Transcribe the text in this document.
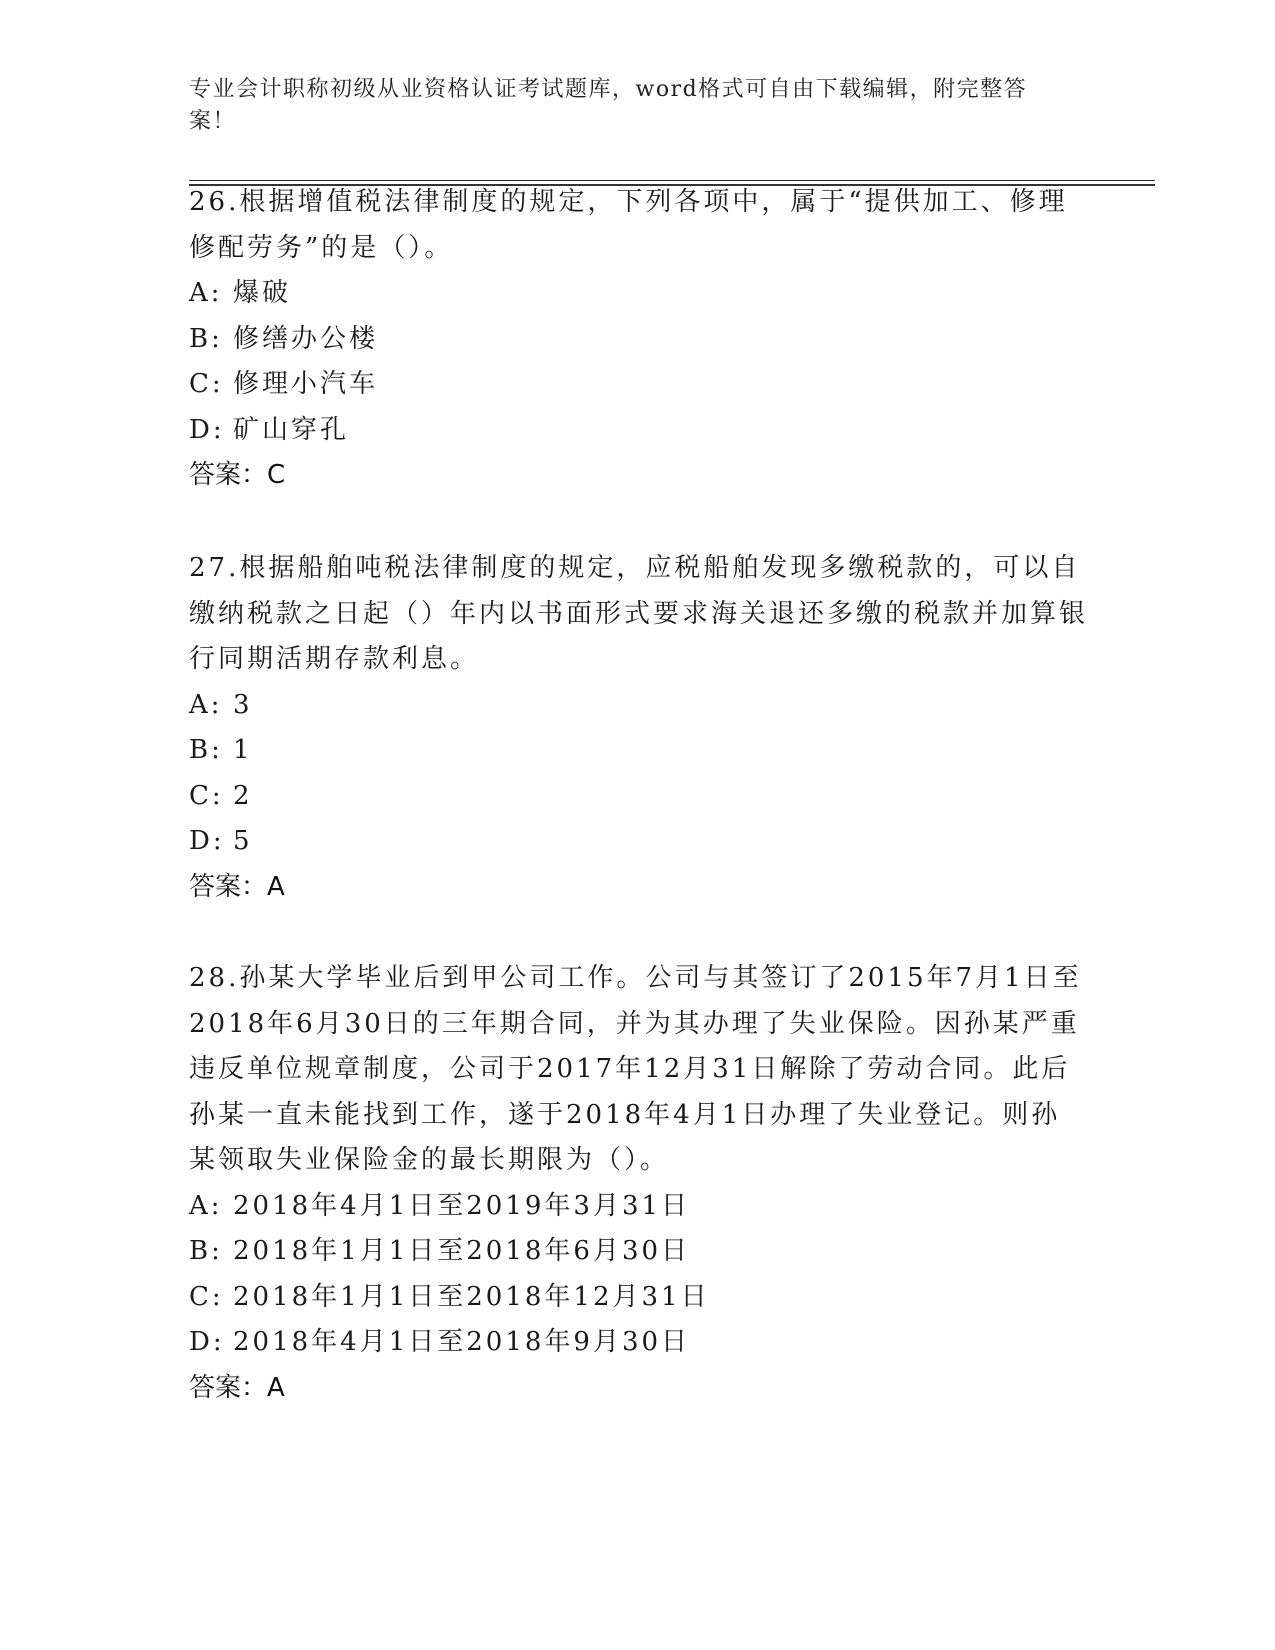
专业会计职称初级从业资格认证考试题库，word格式可自由下载编辑，附完整答案！

26.根据增值税法律制度的规定，下列各项中，属于“提供加工、修理修配劳务”的是（）。

A: 爆破

B: 修缮办公楼

C: 修理小汽车

D: 矿山穿孔

答案：C

27.根据船舶吨税法律制度的规定，应税船舶发现多缴税款的，可以自缴纳税款之日起（）年内以书面形式要求海关退还多缴的税款并加算银行同期活期存款利息。

A: 3

B: 1

C: 2

D: 5

答案：A

28.孙某大学毕业后到甲公司工作。公司与其签订了2015年7月1日至2018年6月30日的三年期合同，并为其办理了失业保险。因孙某严重违反单位规章制度，公司于2017年12月31日解除了劳动合同。此后孙某一直未能找到工作，遂于2018年4月1日办理了失业登记。则孙某领取失业保险金的最长期限为（）。

A: 2018年4月1日至2019年3月31日

B: 2018年1月1日至2018年6月30日

C: 2018年1月1日至2018年12月31日

D: 2018年4月1日至2018年9月30日

答案：A
